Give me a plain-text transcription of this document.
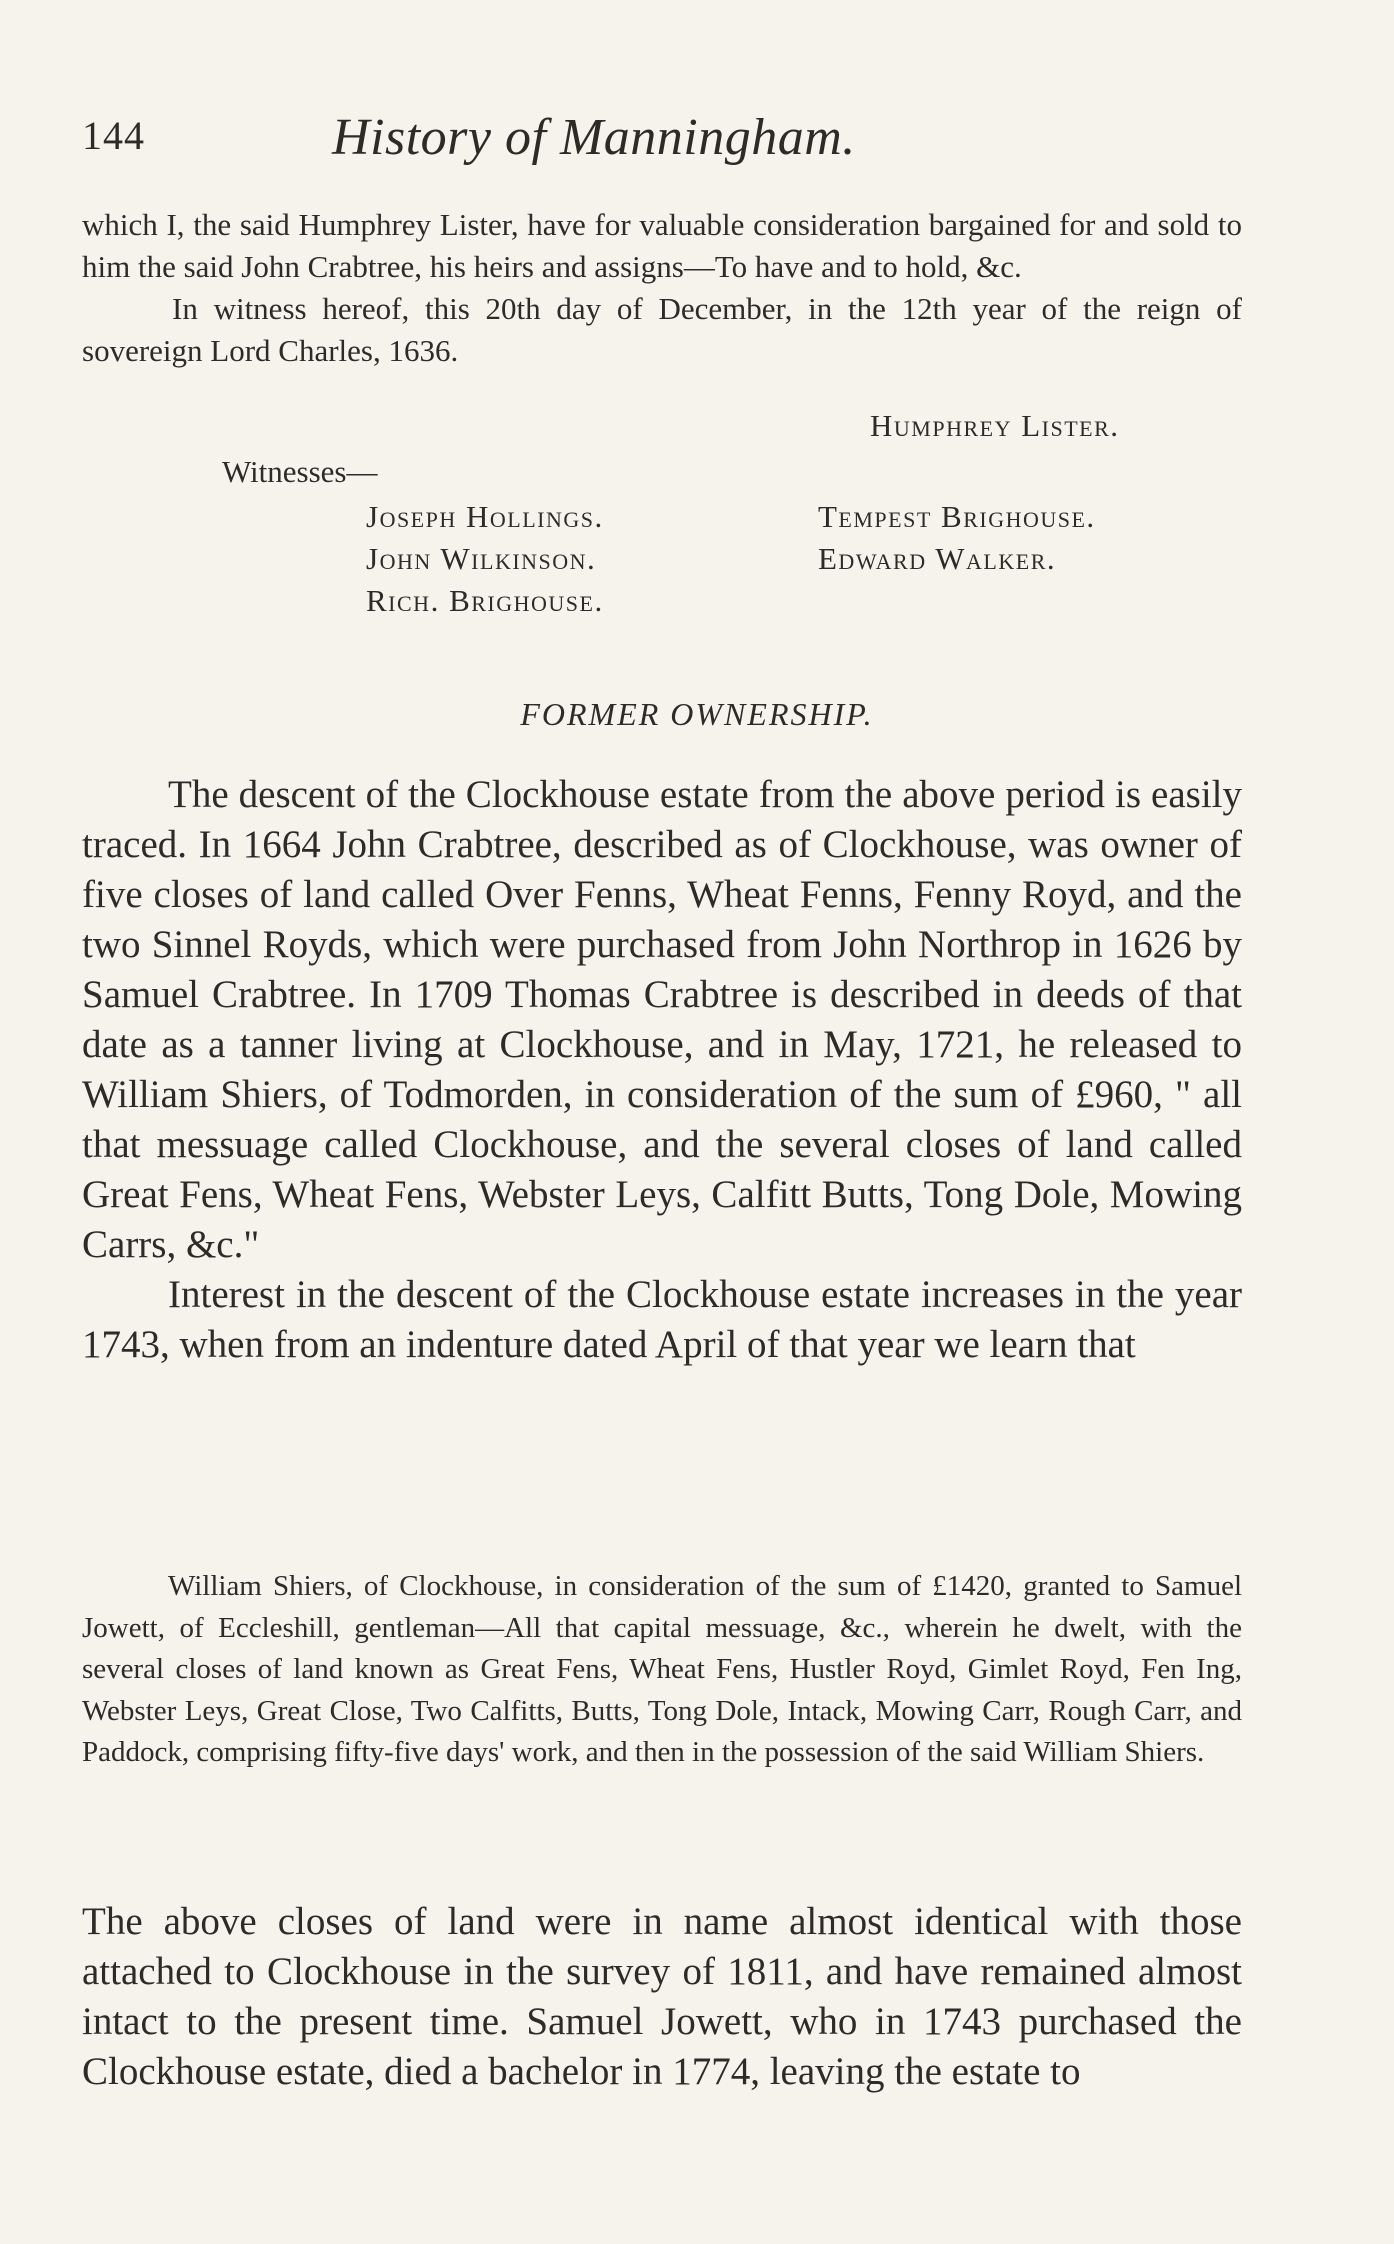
144	History of Manningham.

which I, the said Humphrey Lister, have for valuable consideration bargained for and sold to him the said John Crabtree, his heirs and assigns—To have and to hold, &c.

In witness hereof, this 20th day of December, in the 12th year of the reign of sovereign Lord Charles, 1636.

Humphrey Lister.
Witnesses—
Joseph Hollings.
John Wilkinson.
Rich. Brighouse.
Tempest Brighouse.
Edward Walker.
FORMER OWNERSHIP.

The descent of the Clockhouse estate from the above period is easily traced. In 1664 John Crabtree, described as of Clockhouse, was owner of five closes of land called Over Fenns, Wheat Fenns, Fenny Royd, and the two Sinnel Royds, which were purchased from John Northrop in 1626 by Samuel Crabtree. In 1709 Thomas Crabtree is described in deeds of that date as a tanner living at Clockhouse, and in May, 1721, he released to William Shiers, of Todmorden, in consideration of the sum of £960, " all that messuage called Clockhouse, and the several closes of land called Great Fens, Wheat Fens, Webster Leys, Calfitt Butts, Tong Dole, Mowing Carrs, &c."

Interest in the descent of the Clockhouse estate increases in the year 1743, when from an indenture dated April of that year we learn that

William Shiers, of Clockhouse, in consideration of the sum of £1420, granted to Samuel Jowett, of Eccleshill, gentleman—All that capital messuage, &c., wherein he dwelt, with the several closes of land known as Great Fens, Wheat Fens, Hustler Royd, Gimlet Royd, Fen Ing, Webster Leys, Great Close, Two Calfitts, Butts, Tong Dole, Intack, Mowing Carr, Rough Carr, and Paddock, comprising fifty-five days' work, and then in the possession of the said William Shiers.

The above closes of land were in name almost identical with those attached to Clockhouse in the survey of 1811, and have remained almost intact to the present time. Samuel Jowett, who in 1743 purchased the Clockhouse estate, died a bachelor in 1774, leaving the estate to
